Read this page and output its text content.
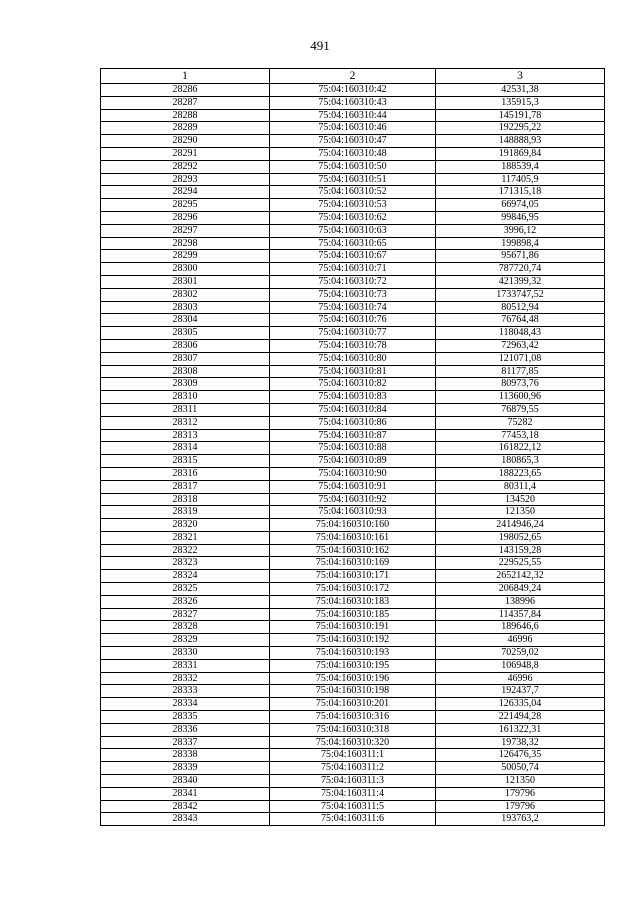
491
1	2	3
28286	75:04:160310:42	42531,38
28287	75:04:160310:43	135915,3
28288	75:04:160310:44	145191,78
28289	75:04:160310:46	192295,22
28290	75:04:160310:47	148888,93
28291	75:04:160310:48	191869,84
28292	75:04:160310:50	188539,4
28293	75:04:160310:51	117405,9
28294	75:04:160310:52	171315,18
28295	75:04:160310:53	66974,05
28296	75:04:160310:62	99846,95
28297	75:04:160310:63	3996,12
28298	75:04:160310:65	199898,4
28299	75:04:160310:67	95671,86
28300	75:04:160310:71	787720,74
28301	75:04:160310:72	421399,32
28302	75:04:160310:73	1733747,52
28303	75:04:160310:74	80512,94
28304	75:04:160310:76	76764,48
28305	75:04:160310:77	118048,43
28306	75:04:160310:78	72963,42
28307	75:04:160310:80	121071,08
28308	75:04:160310:81	81177,85
28309	75:04:160310:82	80973,76
28310	75:04:160310:83	113600,96
28311	75:04:160310:84	76879,55
28312	75:04:160310:86	75282
28313	75:04:160310:87	77453,18
28314	75:04:160310:88	161822,12
28315	75:04:160310:89	180865,3
28316	75:04:160310:90	188223,65
28317	75:04:160310:91	80311,4
28318	75:04:160310:92	134520
28319	75:04:160310:93	121350
28320	75:04:160310:160	2414946,24
28321	75:04:160310:161	198052,65
28322	75:04:160310:162	143159,28
28323	75:04:160310:169	229525,55
28324	75:04:160310:171	2652142,32
28325	75:04:160310:172	206849,24
28326	75:04:160310:183	138996
28327	75:04:160310:185	114357,84
28328	75:04:160310:191	189646,6
28329	75:04:160310:192	46996
28330	75:04:160310:193	70259,02
28331	75:04:160310:195	106948,8
28332	75:04:160310:196	46996
28333	75:04:160310:198	192437,7
28334	75:04:160310:201	126335,04
28335	75:04:160310:316	221494,28
28336	75:04:160310:318	161322,31
28337	75:04:160310:320	19738,32
28338	75:04:160311:1	126476,35
28339	75:04:160311:2	50050,74
28340	75:04:160311:3	121350
28341	75:04:160311:4	179796
28342	75:04:160311:5	179796
28343	75:04:160311:6	193763,2
